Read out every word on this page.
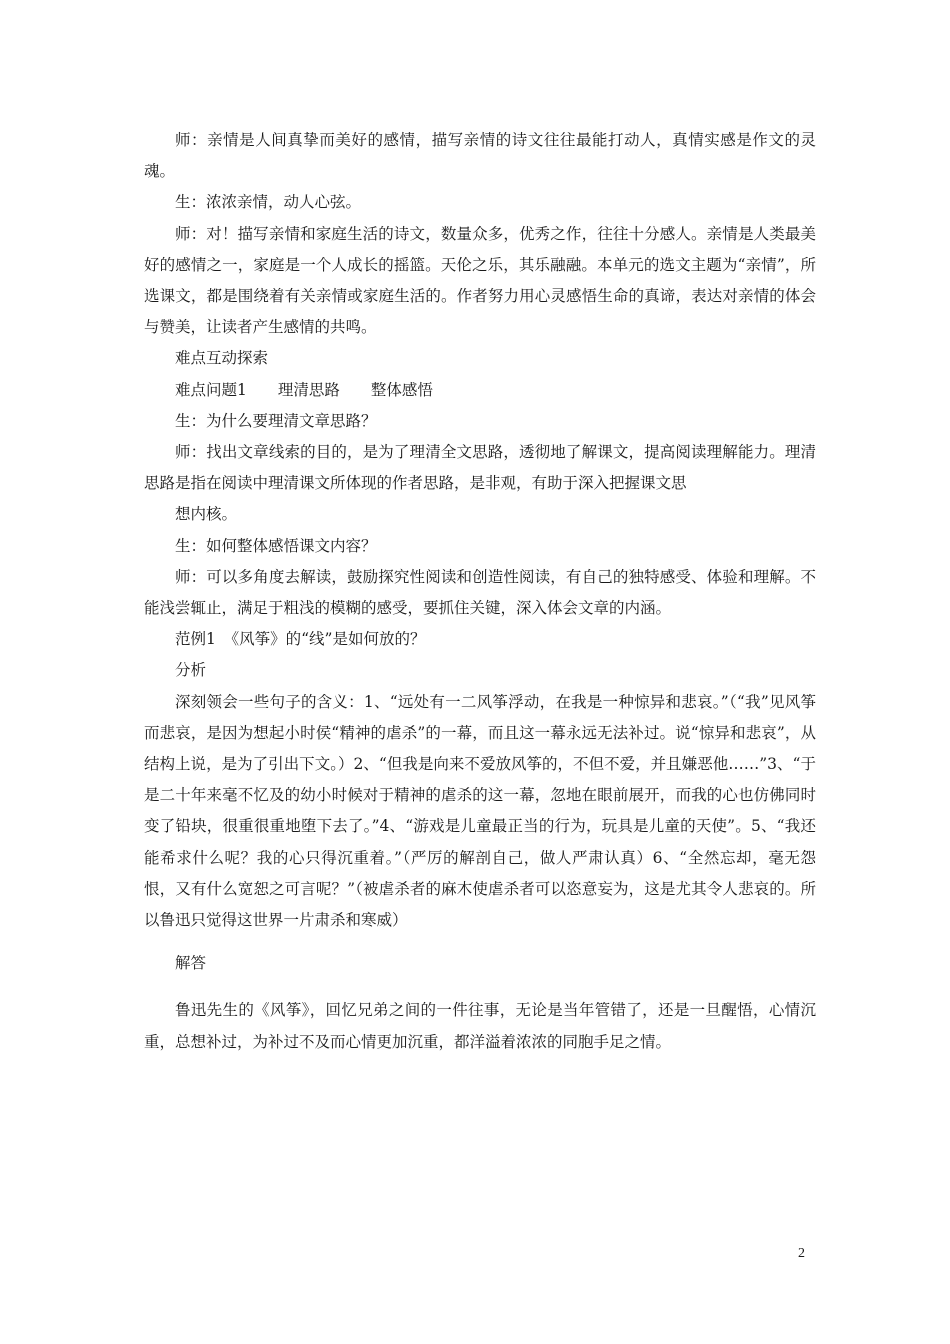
师：亲情是人间真挚而美好的感情，描写亲情的诗文往往最能打动人，真情实感是作文的灵魂。

生：浓浓亲情，动人心弦。

师：对！描写亲情和家庭生活的诗文，数量众多，优秀之作，往往十分感人。亲情是人类最美好的感情之一，家庭是一个人成长的摇篮。天伦之乐，其乐融融。本单元的选文主题为“亲情”，所选课文，都是围绕着有关亲情或家庭生活的。作者努力用心灵感悟生命的真谛，表达对亲情的体会与赞美，让读者产生感情的共鸣。

难点互动探索

难点问题1　　理清思路　　整体感悟

生：为什么要理清文章思路？

师：找出文章线索的目的，是为了理清全文思路，透彻地了解课文，提高阅读理解能力。理清思路是指在阅读中理清课文所体现的作者思路，是非观，有助于深入把握课文思

想内核。

生：如何整体感悟课文内容？

师：可以多角度去解读，鼓励探究性阅读和创造性阅读，有自己的独特感受、体验和理解。不能浅尝辄止，满足于粗浅的模糊的感受，要抓住关键，深入体会文章的内涵。

范例1　《风筝》的“线”是如何放的？

分析

深刻领会一些句子的含义：1、“远处有一二风筝浮动，在我是一种惊异和悲哀。”（“我”见风筝而悲哀，是因为想起小时侯“精神的虐杀”的一幕，而且这一幕永远无法补过。说“惊异和悲哀”，从结构上说，是为了引出下文。）2、“但我是向来不爱放风筝的，不但不爱，并且嫌恶他……”3、“于是二十年来毫不忆及的幼小时候对于精神的虐杀的这一幕，忽地在眼前展开，而我的心也仿佛同时变了铅块，很重很重地堕下去了。”4、“游戏是儿童最正当的行为，玩具是儿童的天使”。5、“我还能希求什么呢？我的心只得沉重着。”（严厉的解剖自己，做人严肃认真）6、“全然忘却，毫无怨恨，又有什么宽恕之可言呢？”（被虐杀者的麻木使虐杀者可以恣意妄为，这是尤其令人悲哀的。所以鲁迅只觉得这世界一片肃杀和寒威）

解答

鲁迅先生的《风筝》，回忆兄弟之间的一件往事，无论是当年管错了，还是一旦醒悟，心情沉重，总想补过，为补过不及而心情更加沉重，都洋溢着浓浓的同胞手足之情。

2
